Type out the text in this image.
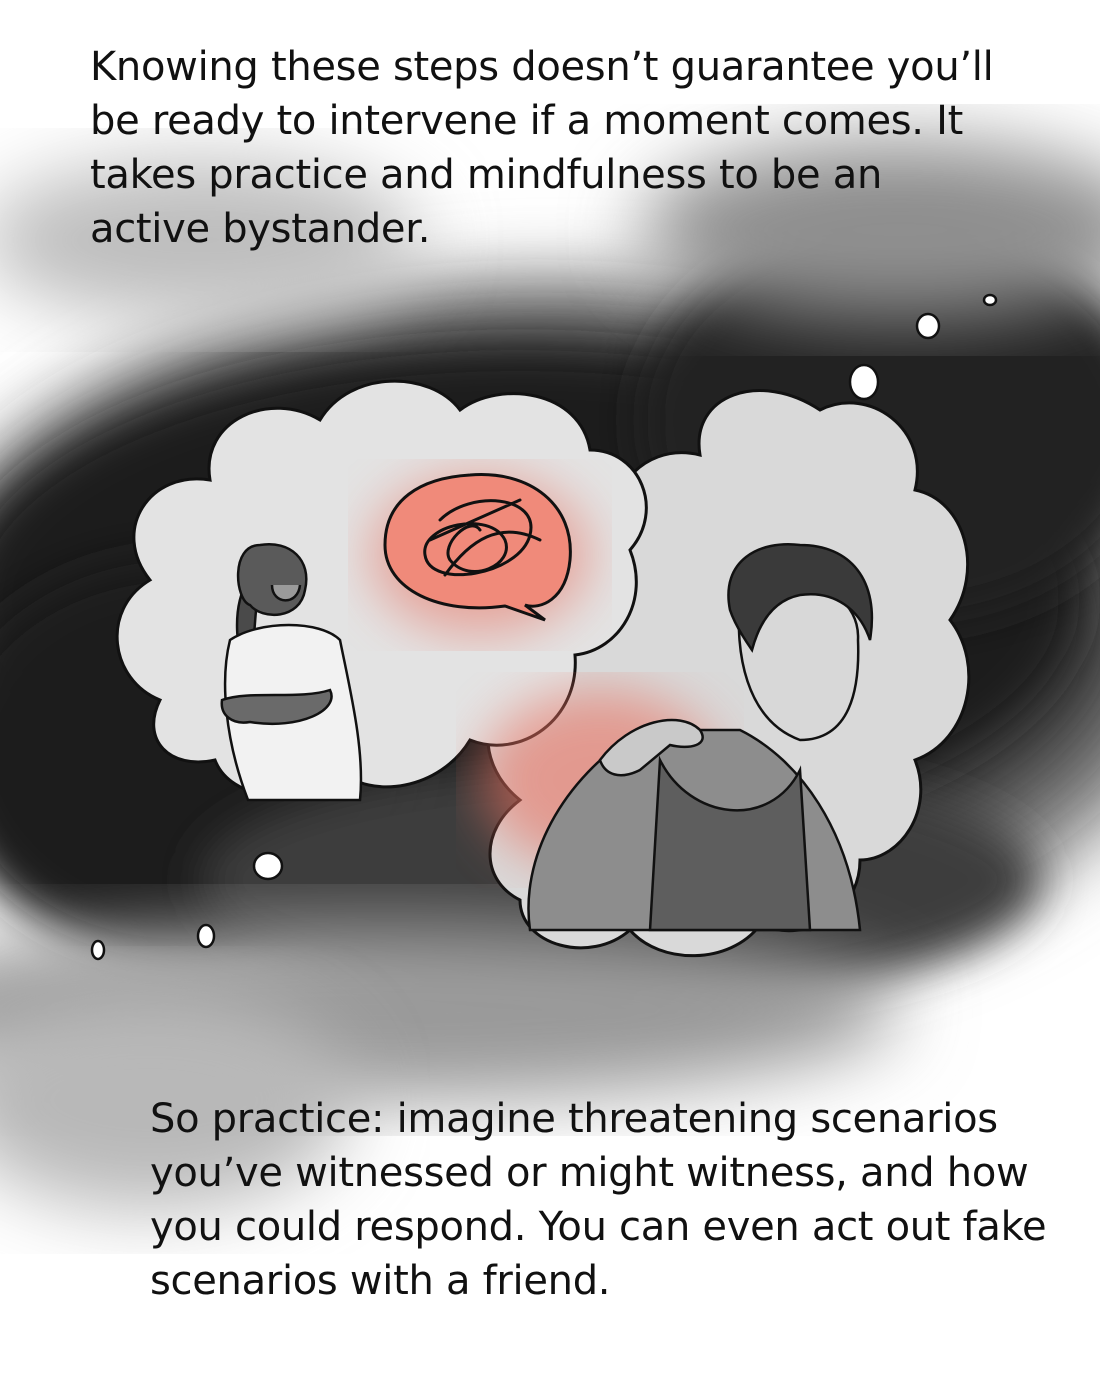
Knowing these steps doesn’t guarantee you’ll be ready to intervene if a moment comes. It takes practice and mindfulness to be an active bystander.

So practice: imagine threatening scenarios you’ve witnessed or might witness, and how you could respond. You can even act out fake scenarios with a friend.
